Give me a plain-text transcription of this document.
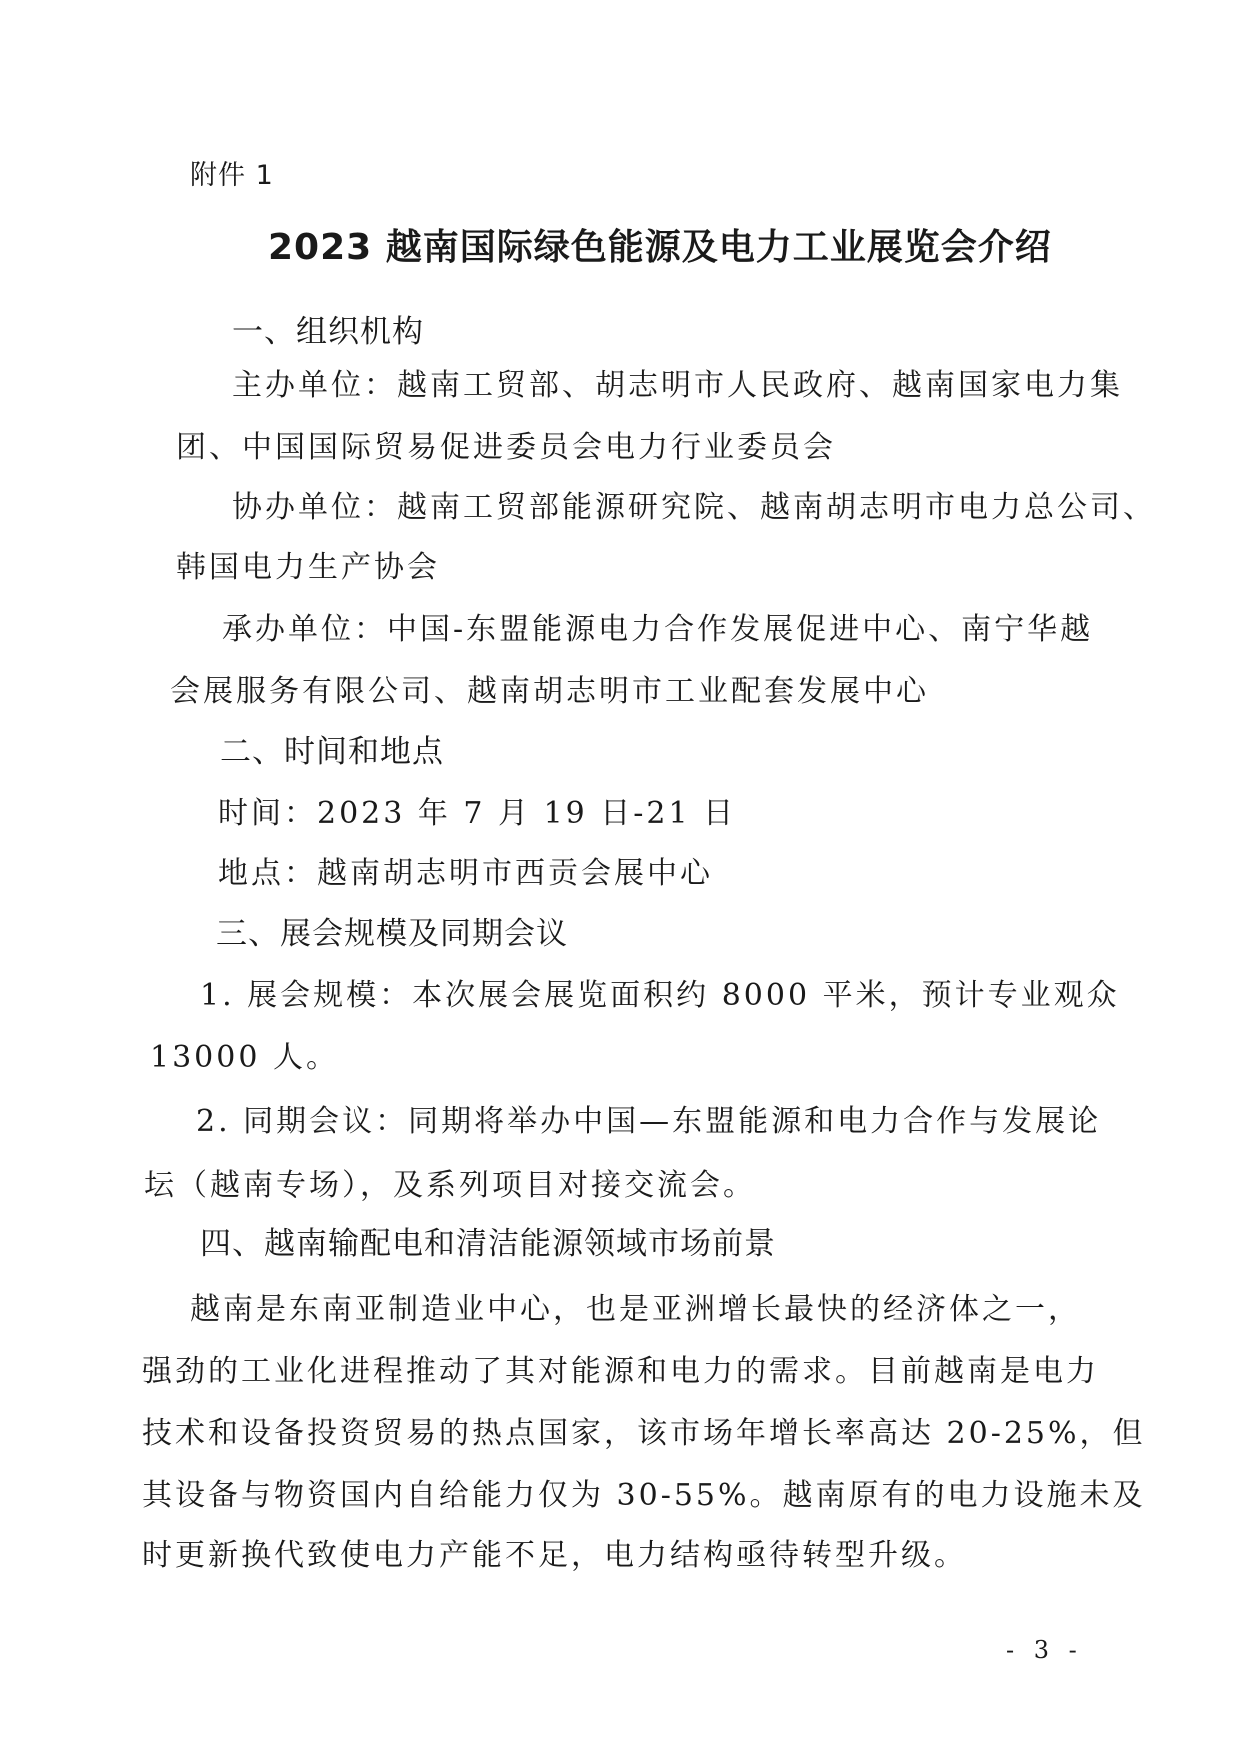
附件 1
2023 越南国际绿色能源及电力工业展览会介绍
一、组织机构
主办单位：越南工贸部、胡志明市人民政府、越南国家电力集
团、中国国际贸易促进委员会电力行业委员会
协办单位：越南工贸部能源研究院、越南胡志明市电力总公司、
韩国电力生产协会
承办单位：中国-东盟能源电力合作发展促进中心、南宁华越
会展服务有限公司、越南胡志明市工业配套发展中心
二、时间和地点
时间：2023 年 7 月 19 日-21 日
地点：越南胡志明市西贡会展中心
三、展会规模及同期会议
1. 展会规模：本次展会展览面积约 8000 平米，预计专业观众
13000 人。
2. 同期会议：同期将举办中国—东盟能源和电力合作与发展论
坛（越南专场），及系列项目对接交流会。
四、越南输配电和清洁能源领域市场前景
越南是东南亚制造业中心，也是亚洲增长最快的经济体之一，
强劲的工业化进程推动了其对能源和电力的需求。目前越南是电力
技术和设备投资贸易的热点国家，该市场年增长率高达 20-25%，但
其设备与物资国内自给能力仅为 30-55%。越南原有的电力设施未及
时更新换代致使电力产能不足，电力结构亟待转型升级。
- 3 -
